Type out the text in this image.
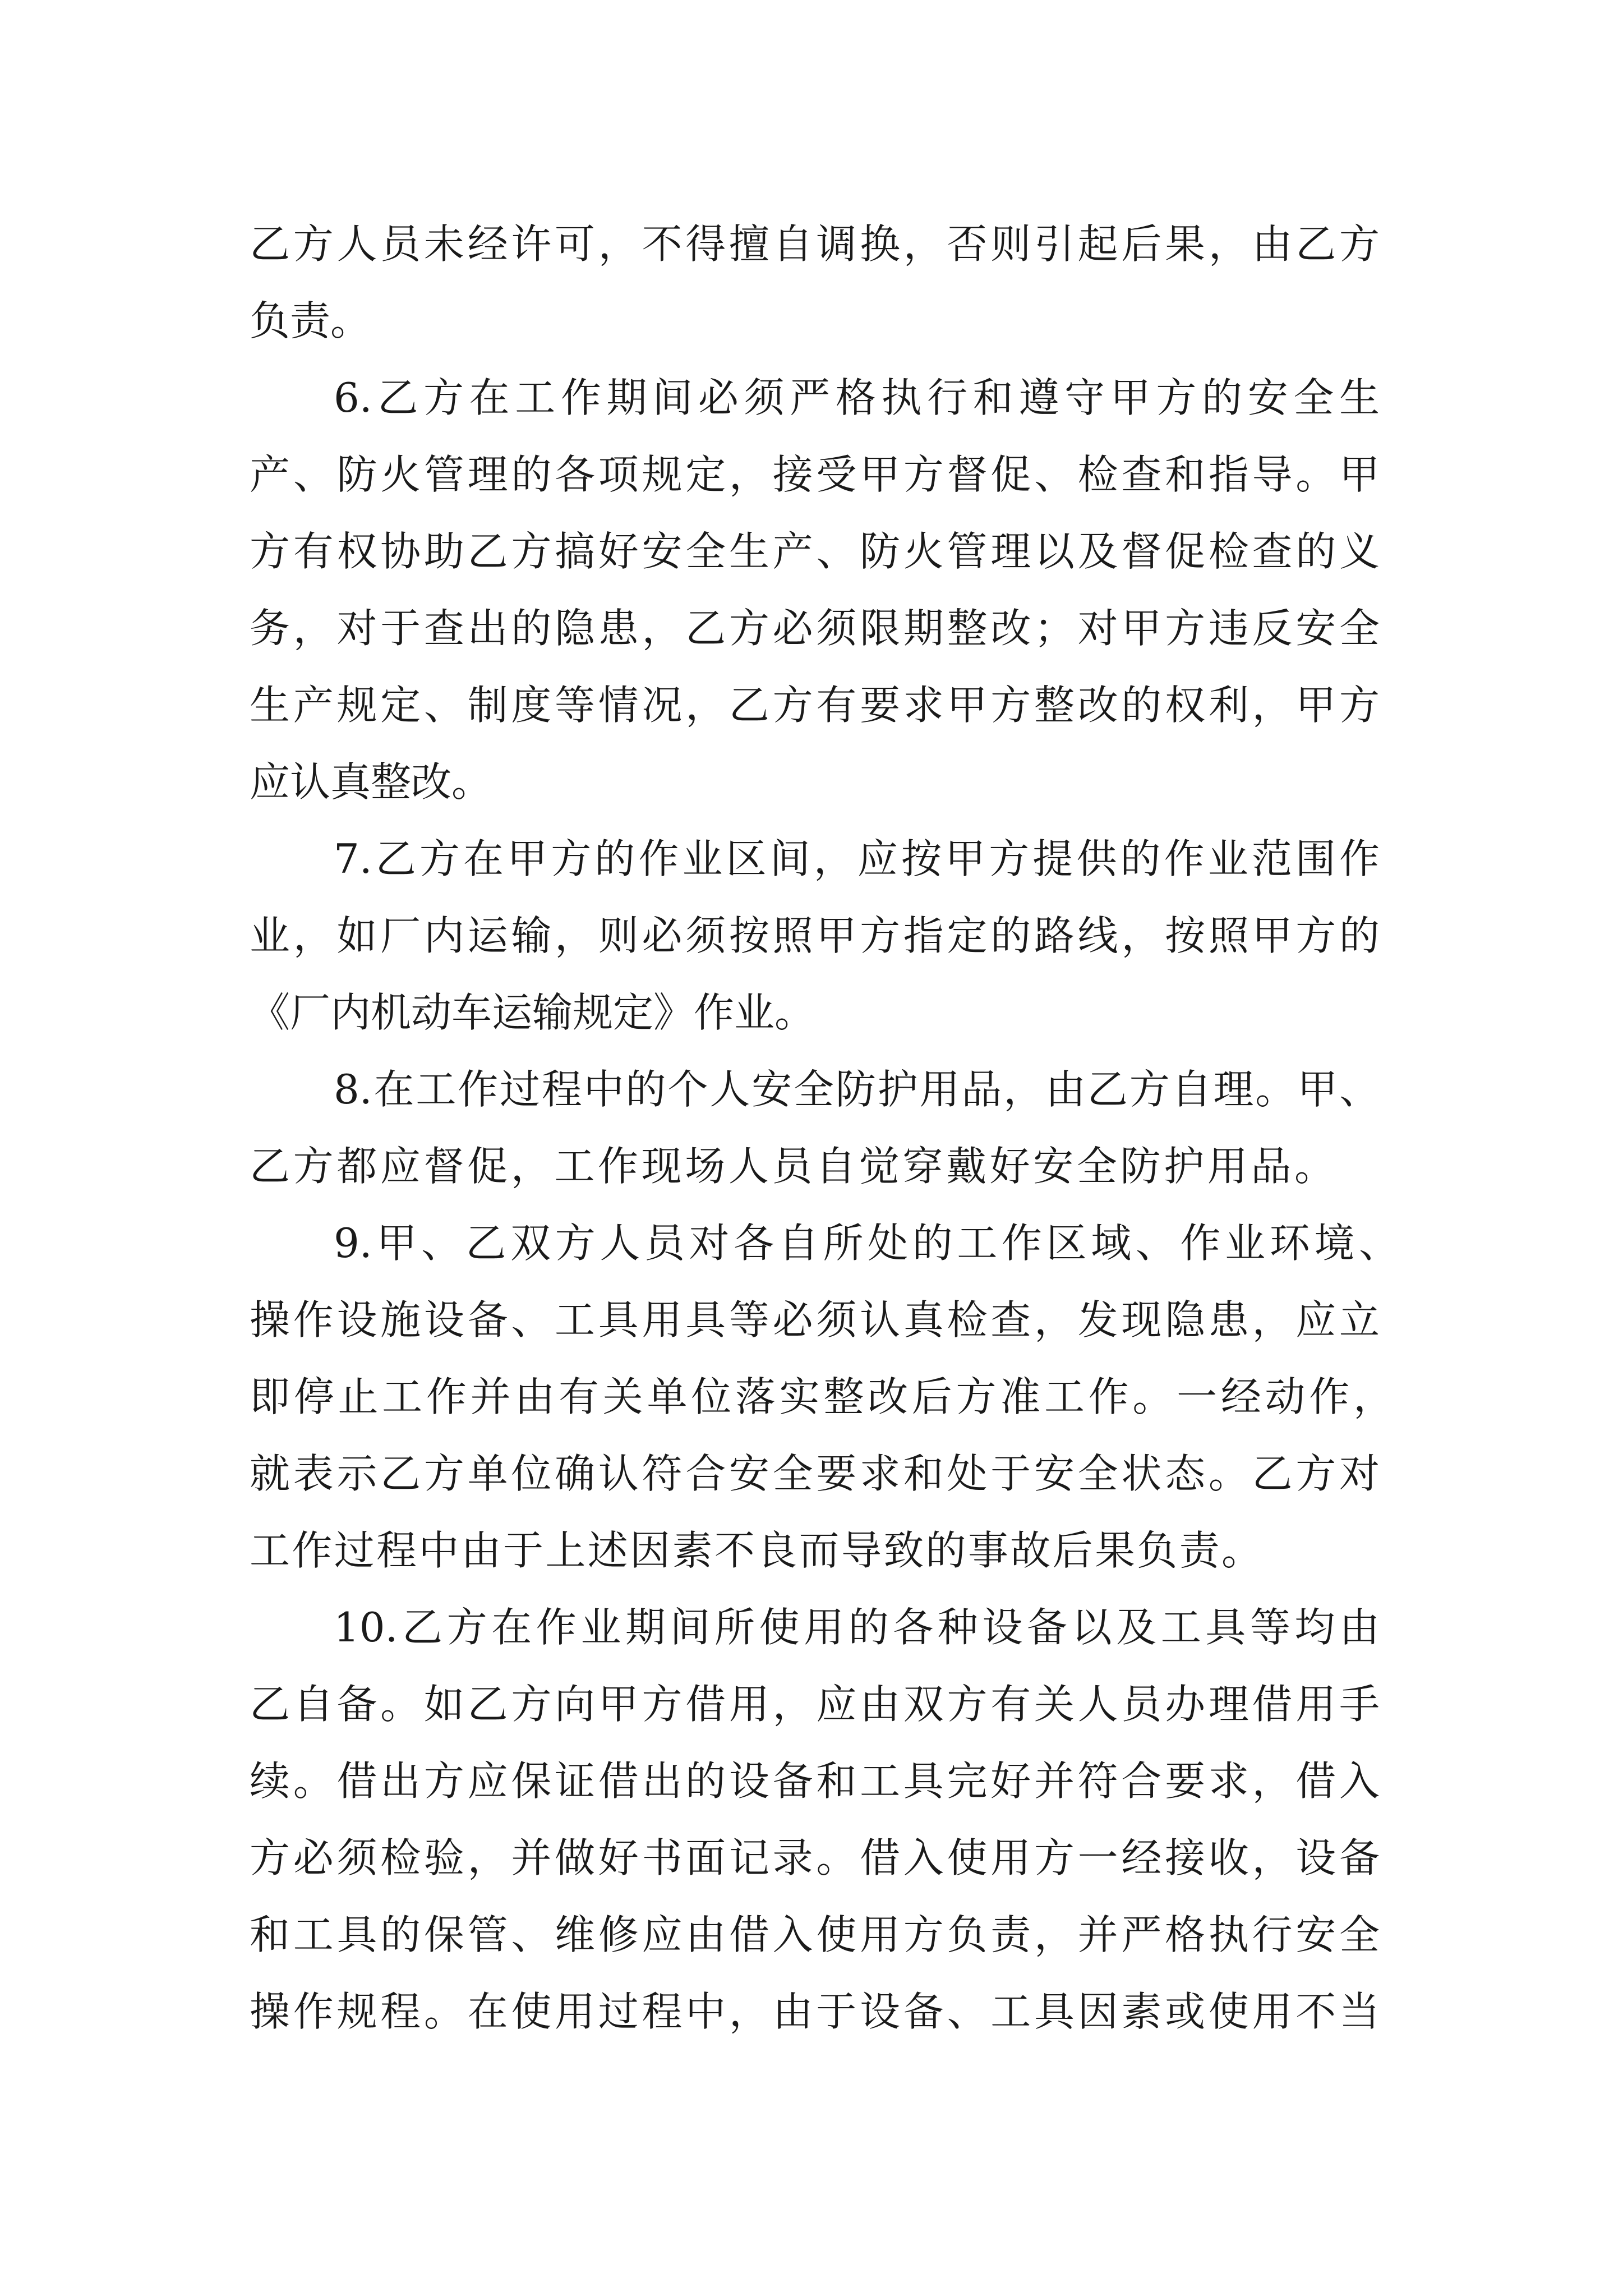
乙方人员未经许可，不得擅自调换，否则引起后果，由乙方
负责。
6.乙方在工作期间必须严格执行和遵守甲方的安全生
产、防火管理的各项规定，接受甲方督促、检查和指导。甲
方有权协助乙方搞好安全生产、防火管理以及督促检查的义
务，对于查出的隐患，乙方必须限期整改；对甲方违反安全
生产规定、制度等情况，乙方有要求甲方整改的权利，甲方
应认真整改。
7.乙方在甲方的作业区间，应按甲方提供的作业范围作
业，如厂内运输，则必须按照甲方指定的路线，按照甲方的
《厂内机动车运输规定》作业。
8.在工作过程中的个人安全防护用品，由乙方自理。甲、
乙方都应督促，工作现场人员自觉穿戴好安全防护用品。
9.甲、乙双方人员对各自所处的工作区域、作业环境、
操作设施设备、工具用具等必须认真检查，发现隐患，应立
即停止工作并由有关单位落实整改后方准工作。一经动作，
就表示乙方单位确认符合安全要求和处于安全状态。乙方对
工作过程中由于上述因素不良而导致的事故后果负责。
10.乙方在作业期间所使用的各种设备以及工具等均由
乙自备。如乙方向甲方借用，应由双方有关人员办理借用手
续。借出方应保证借出的设备和工具完好并符合要求，借入
方必须检验，并做好书面记录。借入使用方一经接收，设备
和工具的保管、维修应由借入使用方负责，并严格执行安全
操作规程。在使用过程中，由于设备、工具因素或使用不当
